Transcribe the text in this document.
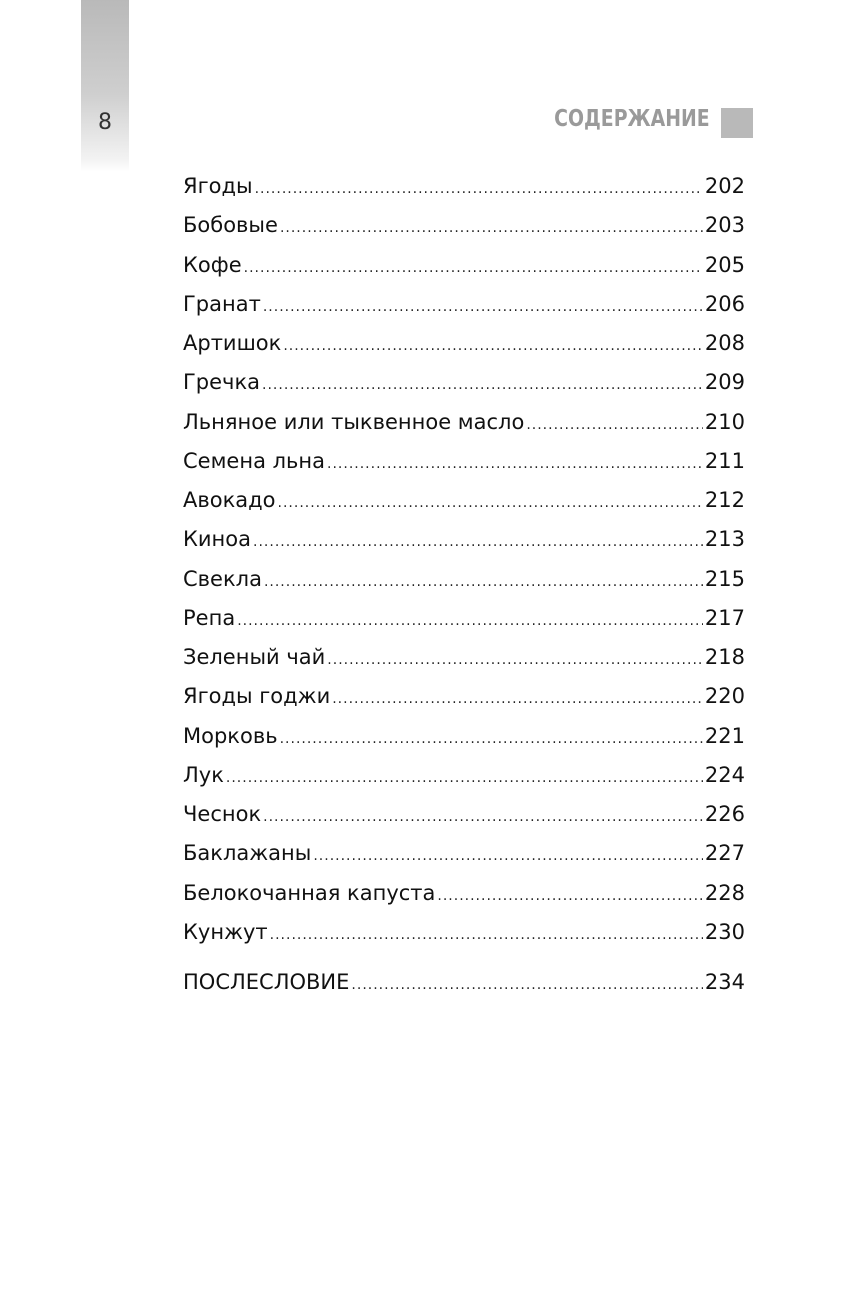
8	СОДЕРЖАНИЕ
Ягоды .....	202
Бобовые .....	203
Кофе .....	205
Гранат .....	206
Артишок .....	208
Гречка .....	209
Льняное или тыквенное масло .....	210
Семена льна .....	211
Авокадо .....	212
Киноа .....	213
Свекла .....	215
Репа .....	217
Зеленый чай .....	218
Ягоды годжи .....	220
Морковь .....	221
Лук .....	224
Чеснок .....	226
Баклажаны .....	227
Белокочанная капуста .....	228
Кунжут .....	230
ПОСЛЕСЛОВИЕ .....	234
